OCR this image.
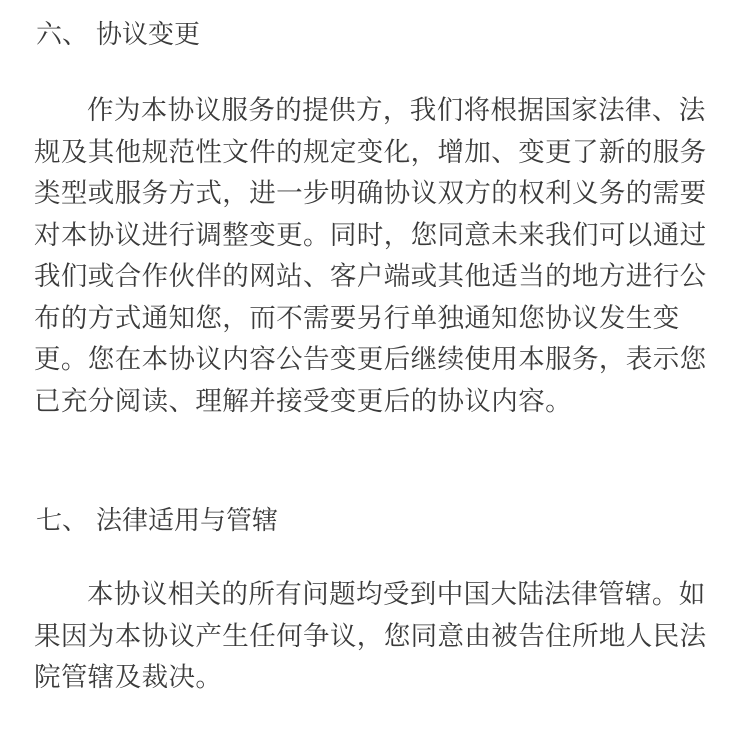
六、 协议变更
作为本协议服务的提供方，我们将根据国家法律、法规及其他规范性文件的规定变化，增加、变更了新的服务类型或服务方式，进一步明确协议双方的权利义务的需要对本协议进行调整变更。同时，您同意未来我们可以通过我们或合作伙伴的网站、客户端或其他适当的地方进行公布的方式通知您，而不需要另行单独通知您协议发生变更。您在本协议内容公告变更后继续使用本服务，表示您已充分阅读、理解并接受变更后的协议内容。
七、 法律适用与管辖
本协议相关的所有问题均受到中国大陆法律管辖。如果因为本协议产生任何争议，您同意由被告住所地人民法院管辖及裁决。
